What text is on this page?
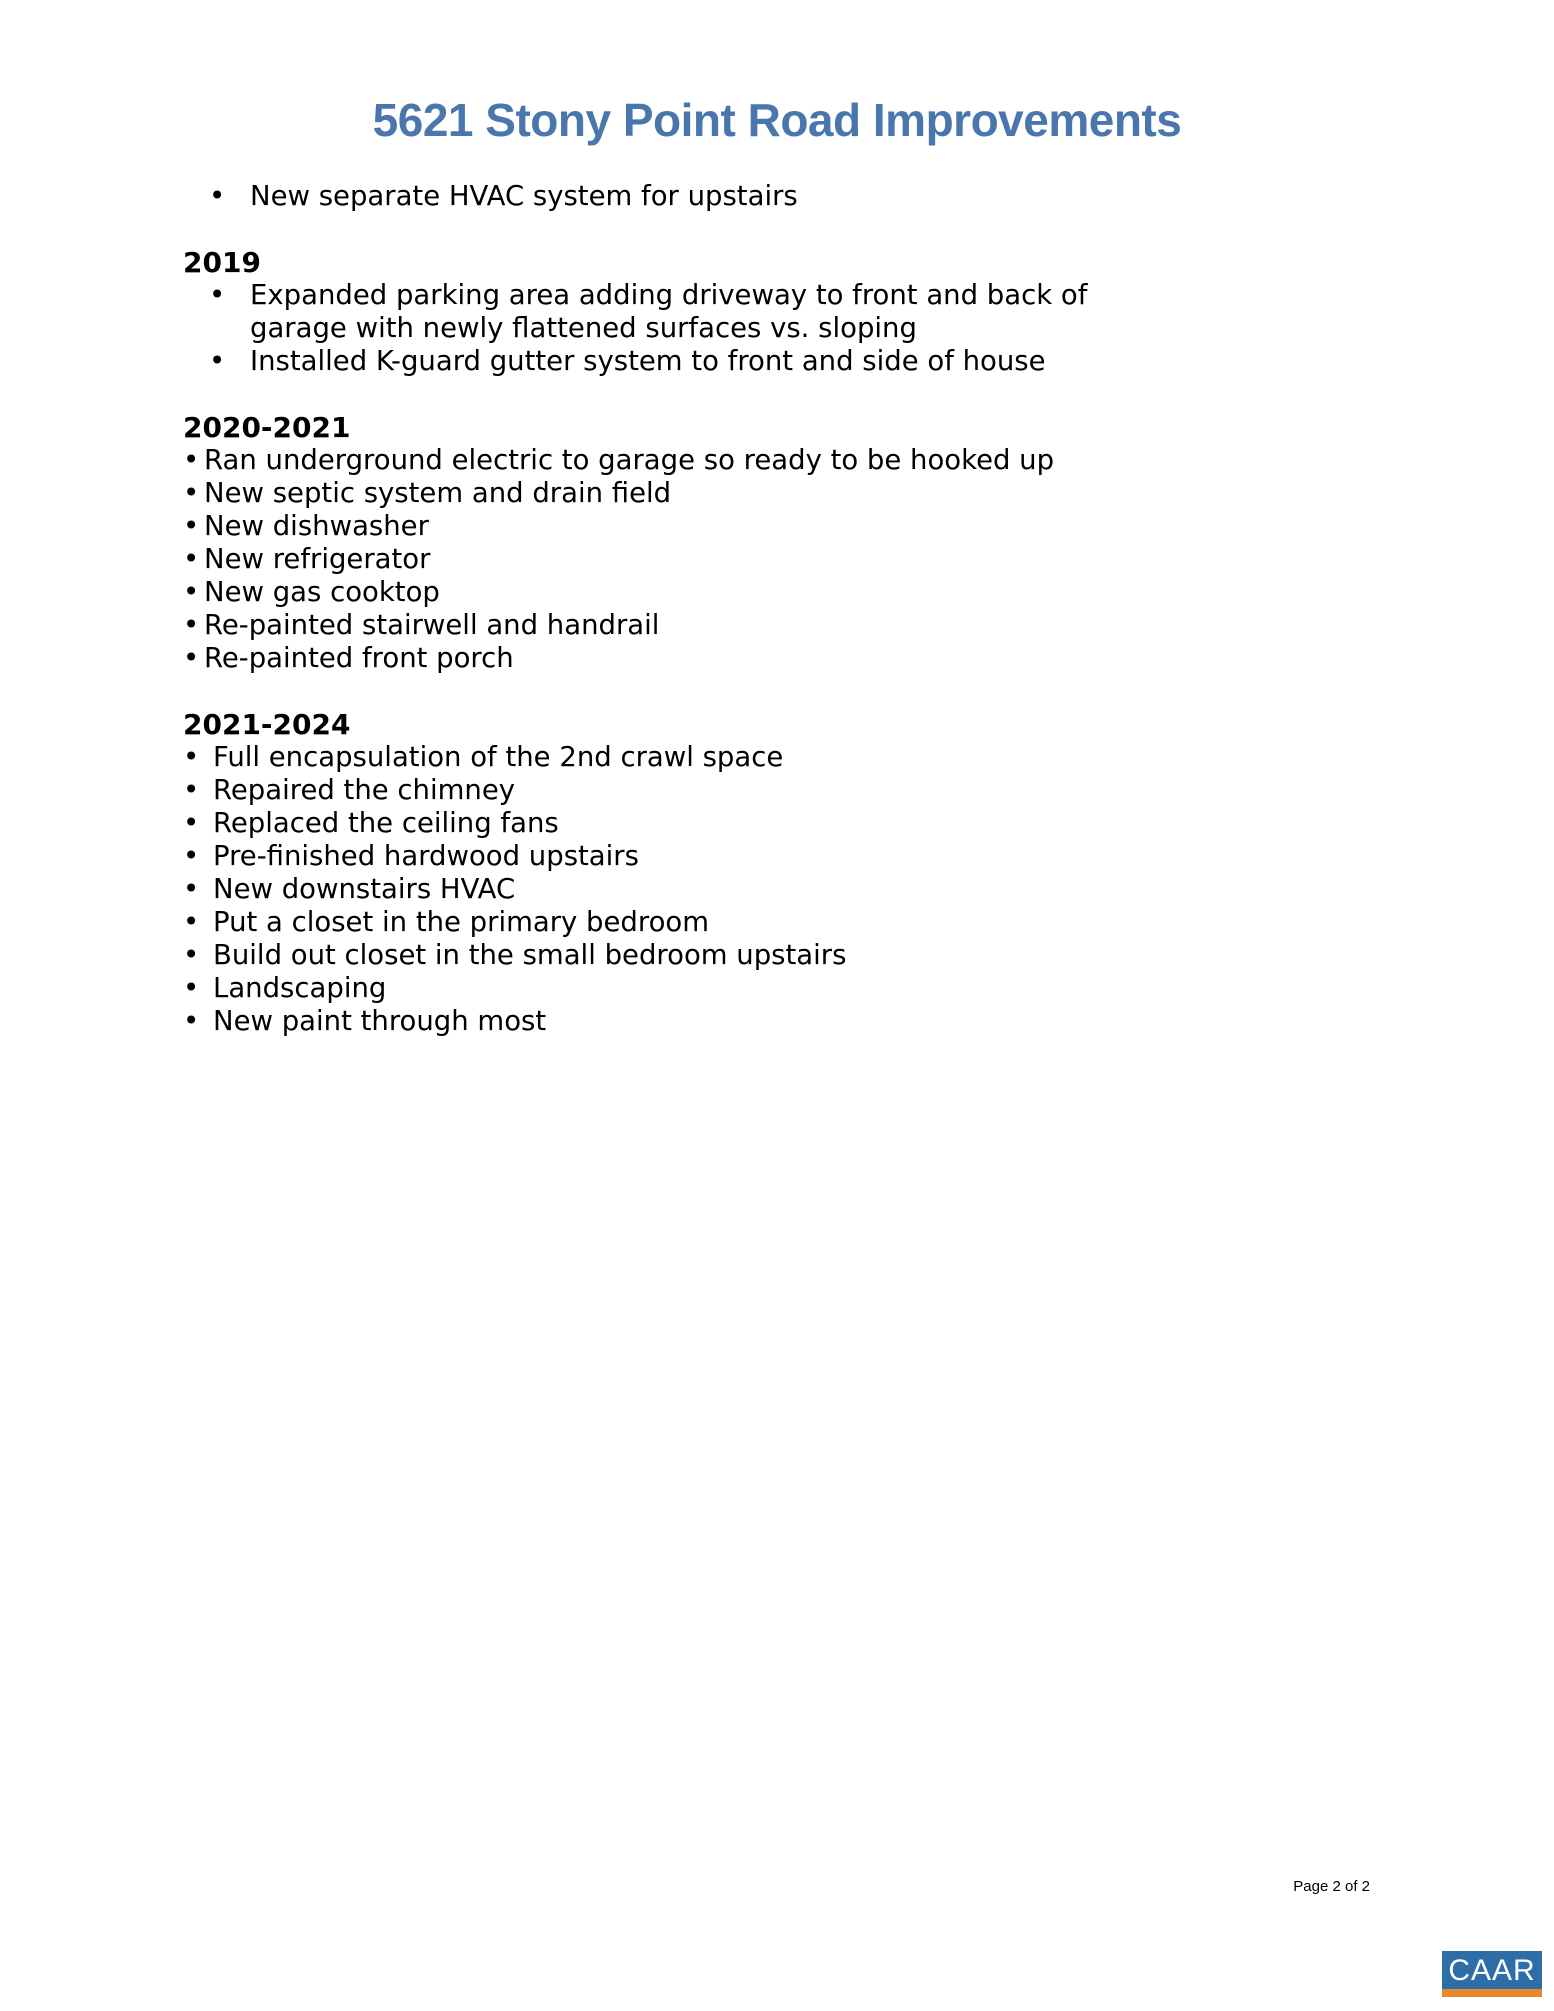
5621 Stony Point Road Improvements
• New separate HVAC system for upstairs

2019

• Expanded parking area adding driveway to front and back of garage with newly flattened surfaces vs. sloping
• Installed K-guard gutter system to front and side of house

2020-2021

• Ran underground electric to garage so ready to be hooked up
• New septic system and drain field
• New dishwasher
• New refrigerator
• New gas cooktop
• Re-painted stairwell and handrail
• Re-painted front porch

2021-2024

• Full encapsulation of the 2nd crawl space
• Repaired the chimney
• Replaced the ceiling fans
• Pre-finished hardwood upstairs
• New downstairs HVAC
• Put a closet in the primary bedroom
• Build out closet in the small bedroom upstairs
• Landscaping
• New paint through most
Page 2 of 2
CAAR
